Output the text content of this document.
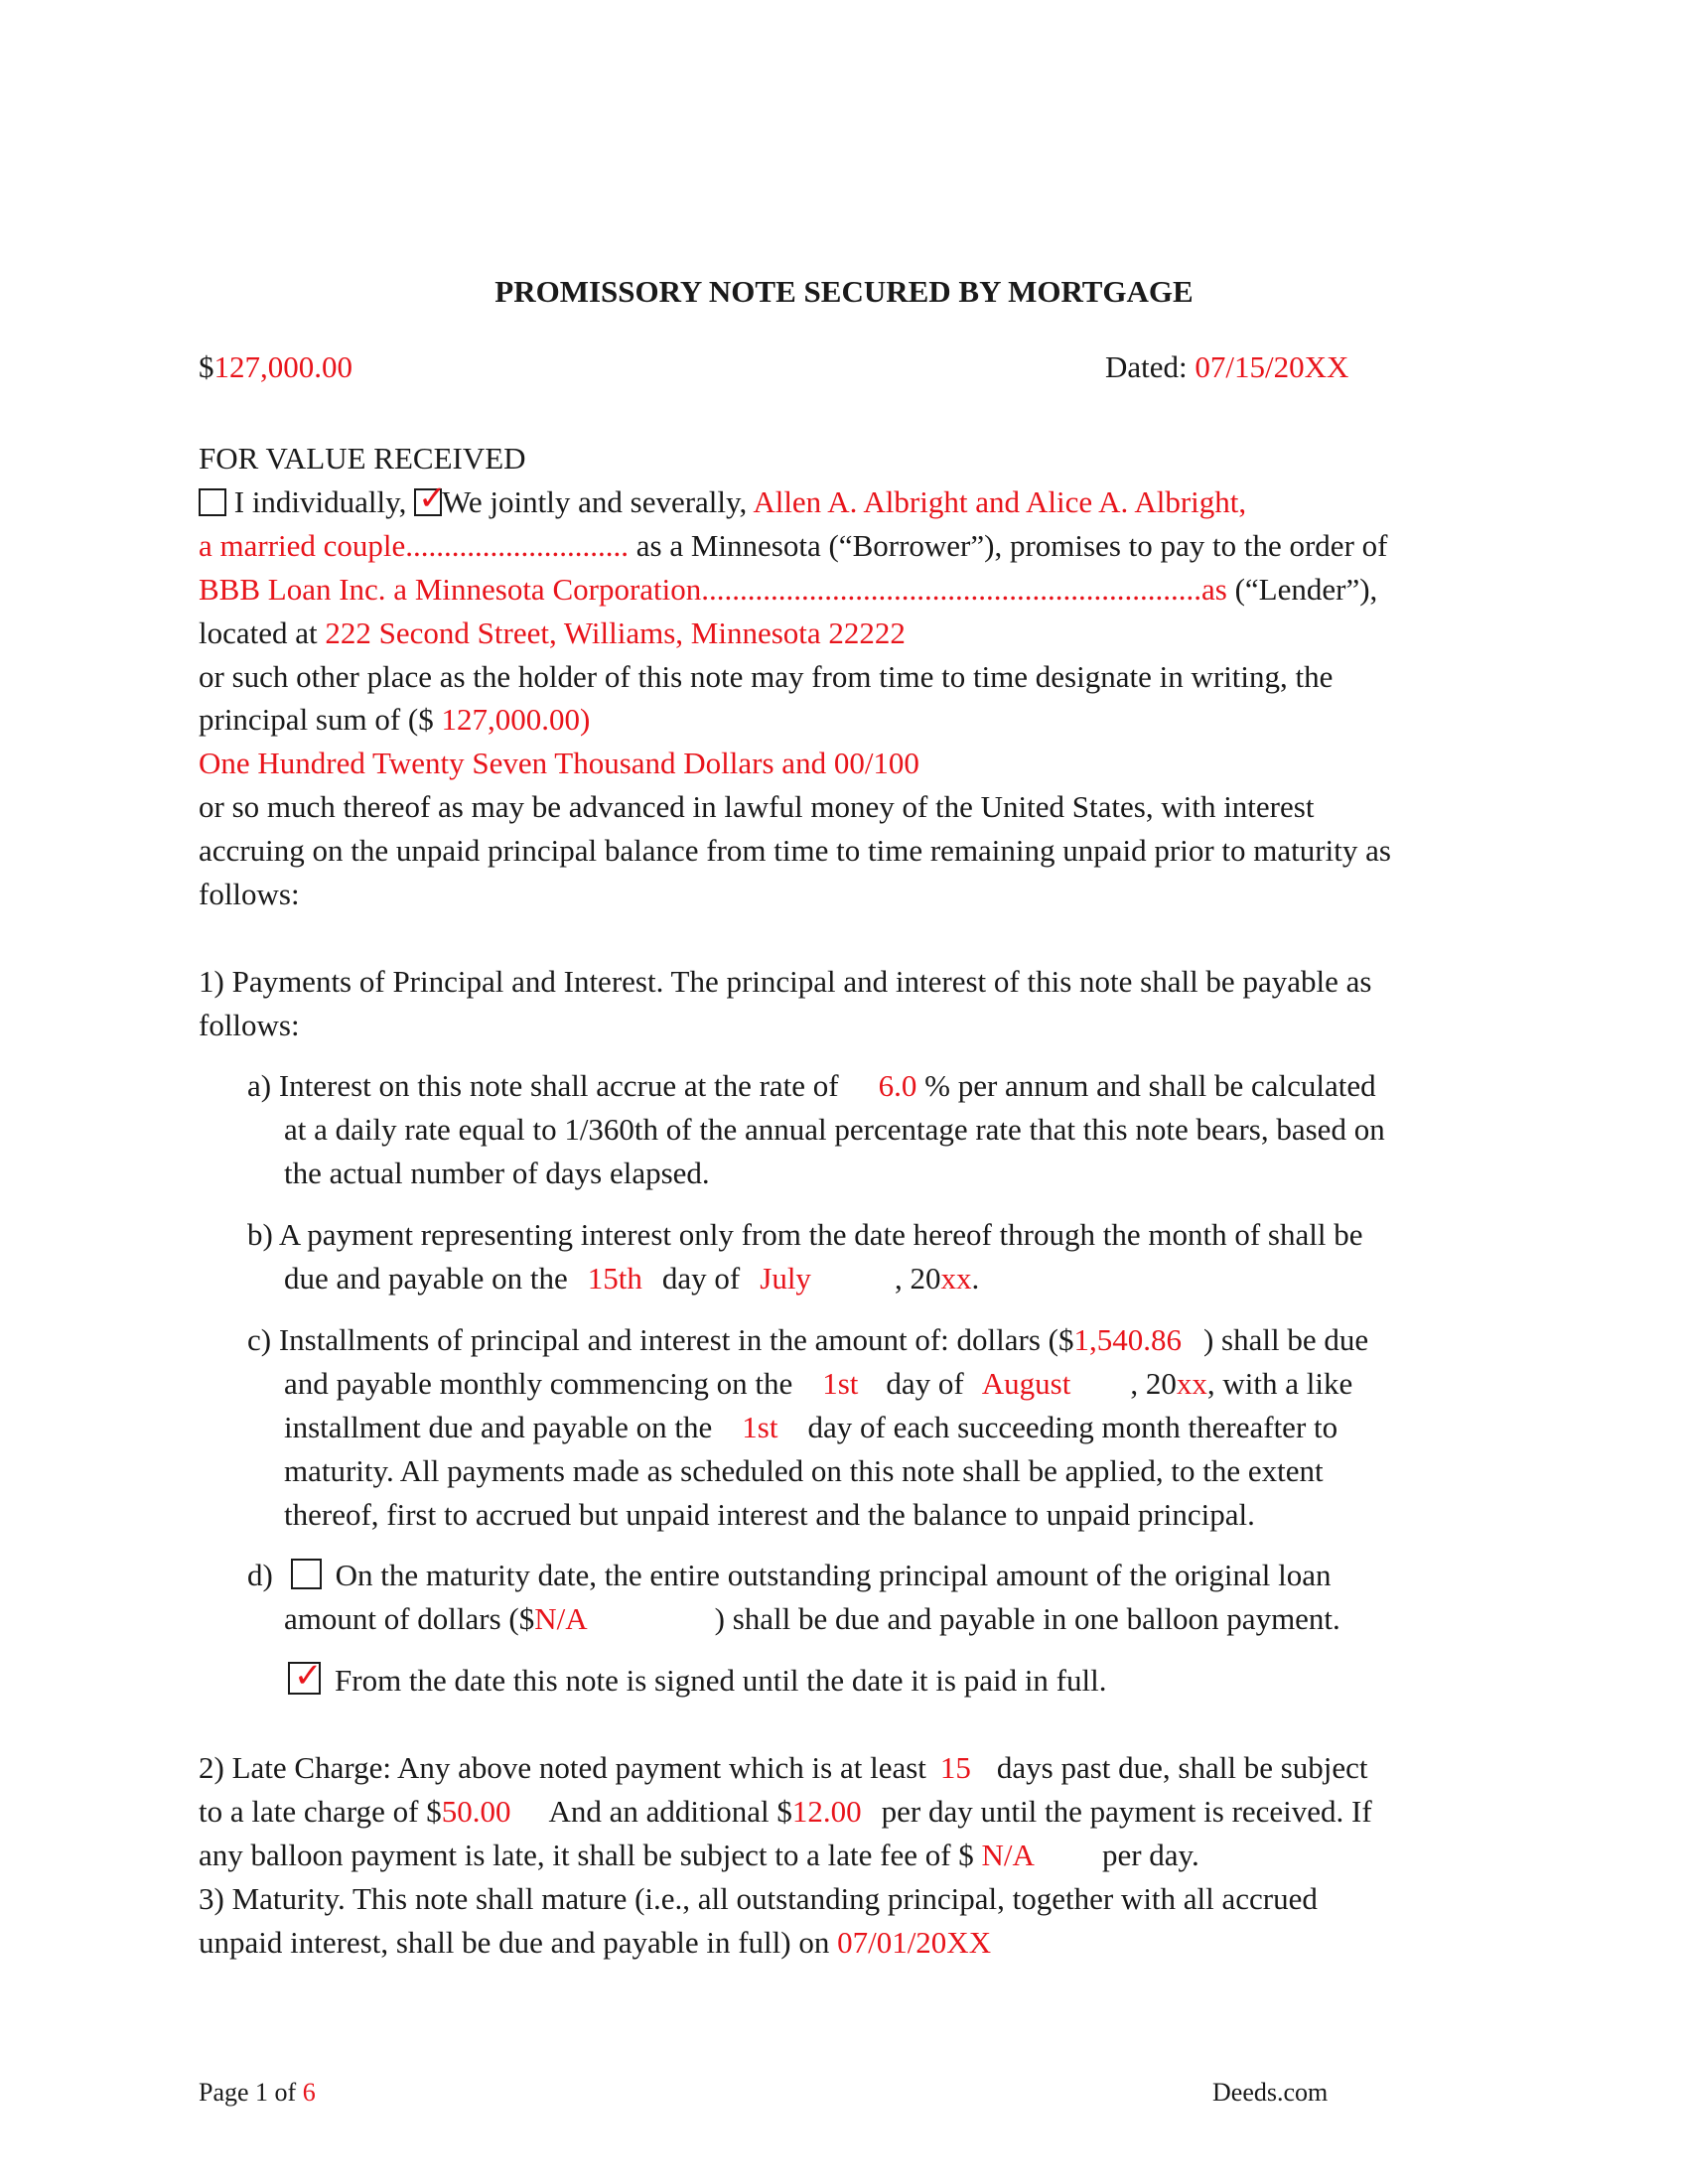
PROMISSORY NOTE SECURED BY MORTGAGE
$127,000.00	Dated: 07/15/20XX
FOR VALUE RECEIVED
I individually, ✓
We jointly and severally, Allen A. Albright and Alice A. Albright,
a married couple............................. as a Minnesota (“Borrower”), promises to pay to the order of
BBB Loan Inc. a Minnesota Corporation.................................................................as (“Lender”),
located at 222 Second Street, Williams, Minnesota 22222
or such other place as the holder of this note may from time to time designate in writing, the
principal sum of ($ 127,000.00)
One Hundred Twenty Seven Thousand Dollars and 00/100
or so much thereof as may be advanced in lawful money of the United States, with interest
accruing on the unpaid principal balance from time to time remaining unpaid prior to maturity as
follows:
1) Payments of Principal and Interest. The principal and interest of this note shall be payable as
follows:
a) Interest on this note shall accrue at the rate of 6.0 % per annum and shall be calculated
at a daily rate equal to 1/360th of the annual percentage rate that this note bears, based on
the actual number of days elapsed.
b) A payment representing interest only from the date hereof through the month of shall be
due and payable on the 15th day of July	, 20xx.
c) Installments of principal and interest in the amount of: dollars ($1,540.86 ) shall be due
and payable monthly commencing on the 1st day of August , 20xx, with a like
installment due and payable on the 1st day of each succeeding month thereafter to
maturity. All payments made as scheduled on this note shall be applied, to the extent
thereof, first to accrued but unpaid interest and the balance to unpaid principal.
d) On the maturity date, the entire outstanding principal amount of the original loan
amount of dollars ($N/A	) shall be due and payable in one balloon payment.
✓ From the date this note is signed until the date it is paid in full.
2) Late Charge: Any above noted payment which is at least 15 days past due, shall be subject
to a late charge of $50.00 And an additional $12.00 per day until the payment is received. If
any balloon payment is late, it shall be subject to a late fee of $ N/A per day.
3) Maturity. This note shall mature (i.e., all outstanding principal, together with all accrued
unpaid interest, shall be due and payable in full) on 07/01/20XX
Page 1 of 6	Deeds.com
